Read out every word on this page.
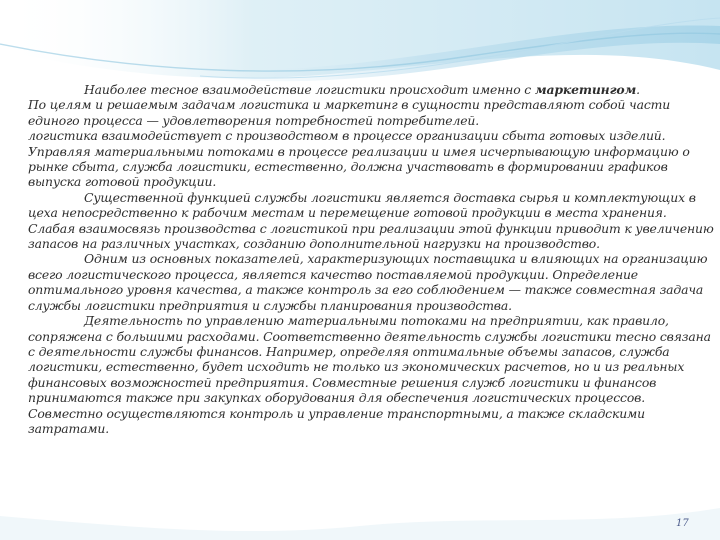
Наиболее тесное взаимодействие логистики происходит именно с маркетингом.

По целям и решаемым задачам логистика и маркетинг в сущности представляют собой части единого процесса — удовлетворения потребностей потребителей.

логистика взаимодействует с производством в процессе организации сбыта готовых изделий. Управляя материальными потоками в процессе реализации и имея исчерпывающую информацию о рынке сбыта, служба логистики, естественно, должна участвовать в формировании графиков выпуска готовой продукции.

Существенной функцией службы логистики является доставка сырья и комплектующих в цеха непосредственно к рабочим местам и перемещение готовой продукции в места хранения. Слабая взаимосвязь производства с логистикой при реализации этой функции приводит к увеличению запасов на различных участках, созданию дополнительной нагрузки на производство.

Одним из основных показателей, характеризующих поставщика и влияющих на организацию всего логистического процесса, является качество поставляемой продукции. Определение оптимального уровня качества, а также контроль за его соблюдением — также совместная задача службы логистики предприятия и службы планирования производства.

Деятельность по управлению материальными потоками на предприятии, как правило, сопряжена с большими расходами. Соответственно деятельность службы логистики тесно связана с деятельности службы финансов. Например, определяя оптимальные объемы запасов, служба логистики, естественно, будет исходить не только из экономических расчетов, но и из реальных финансовых возможностей предприятия. Совместные решения служб логистики и финансов принимаются также при закупках оборудования для обеспечения логистических процессов. Совместно осуществляются контроль и управление транспортными, а также складскими затратами.

17
